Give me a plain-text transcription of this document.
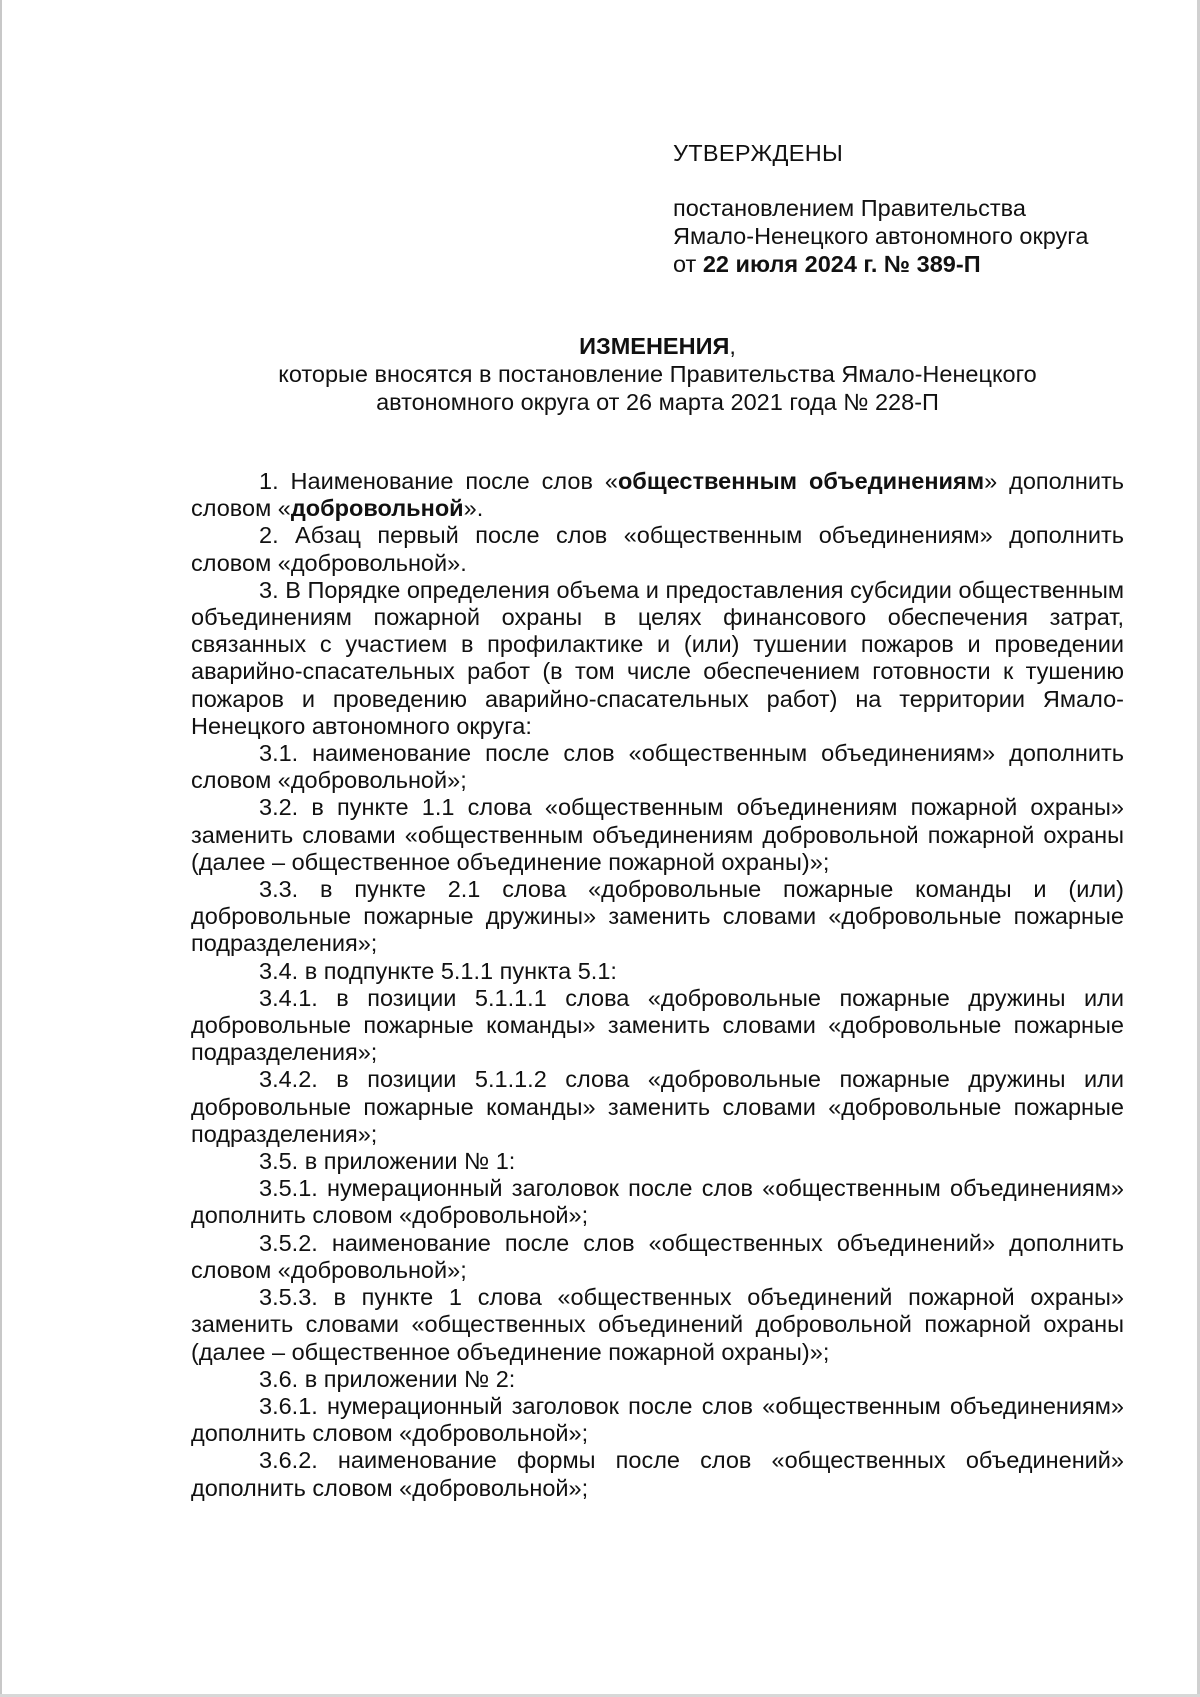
УТВЕРЖДЕНЫ

постановлением Правительства

Ямало-Ненецкого автономного округа

от 22 июля 2024 г. № 389-П

ИЗМЕНЕНИЯ,

которые вносятся в постановление Правительства Ямало-Ненецкого

автономного округа от 26 марта 2021 года № 228-П

1. Наименование после слов «общественным объединениям» дополнить словом «добровольной».

2. Абзац первый после слов «общественным объединениям» дополнить словом «добровольной».

3. В Порядке определения объема и предоставления субсидии общественным объединениям пожарной охраны в целях финансового обеспечения затрат, связанных с участием в профилактике и (или) тушении пожаров и проведении аварийно-спасательных работ (в том числе обеспечением готовности к тушению пожаров и проведению аварийно-спасательных работ) на территории Ямало-Ненецкого автономного округа:

3.1. наименование после слов «общественным объединениям» дополнить словом «добровольной»;

3.2. в пункте 1.1 слова «общественным объединениям пожарной охраны» заменить словами «общественным объединениям добровольной пожарной охраны (далее – общественное объединение пожарной охраны)»;

3.3. в пункте 2.1 слова «добровольные пожарные команды и (или) добровольные пожарные дружины» заменить словами «добровольные пожарные подразделения»;

3.4. в подпункте 5.1.1 пункта 5.1:

3.4.1. в позиции 5.1.1.1 слова «добровольные пожарные дружины или добровольные пожарные команды» заменить словами «добровольные пожарные подразделения»;

3.4.2. в позиции 5.1.1.2 слова «добровольные пожарные дружины или добровольные пожарные команды» заменить словами «добровольные пожарные подразделения»;

3.5. в приложении № 1:

3.5.1. нумерационный заголовок после слов «общественным объединениям» дополнить словом «добровольной»;

3.5.2. наименование после слов «общественных объединений» дополнить словом «добровольной»;

3.5.3. в пункте 1 слова «общественных объединений пожарной охраны» заменить словами «общественных объединений добровольной пожарной охраны (далее – общественное объединение пожарной охраны)»;

3.6. в приложении № 2:

3.6.1. нумерационный заголовок после слов «общественным объединениям» дополнить словом «добровольной»;

3.6.2. наименование формы после слов «общественных объединений» дополнить словом «добровольной»;
